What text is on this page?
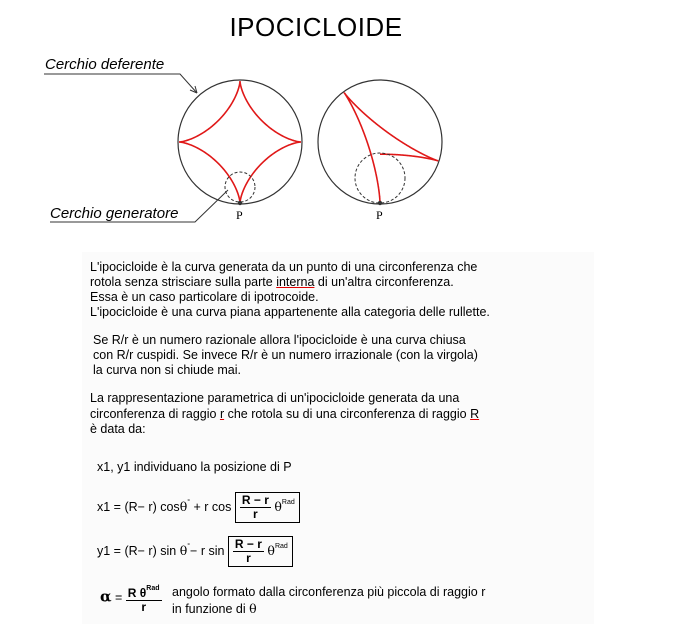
IPOCICLOIDE
Cerchio deferente
Cerchio generatore	P	P
L'ipocicloide è la curva generata da un punto di una circonferenza che
rotola senza strisciare sulla parte interna di un'altra circonferenza.
Essa è un caso particolare di ipotrocoide.
L'ipocicloide è una curva piana appartenente alla categoria delle rullette.
Se R/r è un numero razionale allora l'ipocicloide è una curva chiusa
con R/r cuspidi. Se invece R/r è un numero irrazionale (con la virgola)
la curva non si chiude mai.
La rappresentazione parametrica di un'ipocicloide generata da una
circonferenza di raggio r che rotola su di una circonferenza di raggio R
è data da:
x1, y1 individuano la posizione di P
x1 = (R− r) cosθ° + r $\cos \frac{R - r}{r} \theta^{Rad}$
y1 = (R− r) sin θ°− r $\sin \frac{R - r}{r} \theta^{Rad}$
$\alpha = \frac{R \theta^{Rad}}{r}$ angolo formato dalla circonferenza più piccola di raggio r
in funzione di θ
